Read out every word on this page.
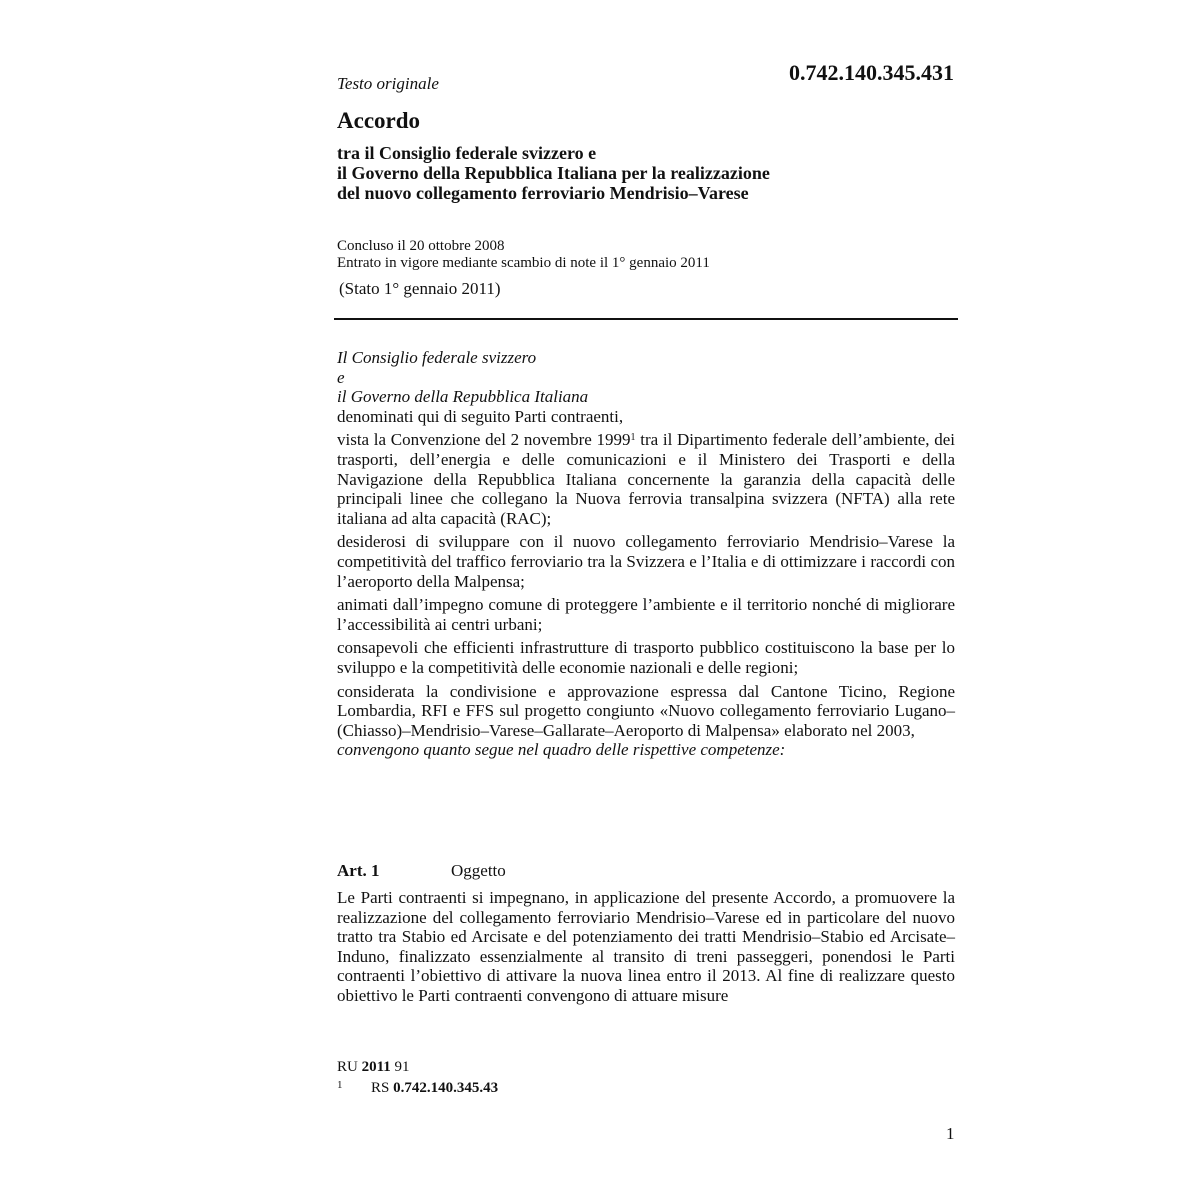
Testo originale	0.742.140.345.431
Accordo
tra il Consiglio federale svizzero e
il Governo della Repubblica Italiana per la realizzazione
del nuovo collegamento ferroviario Mendrisio–Varese
Concluso il 20 ottobre 2008
Entrato in vigore mediante scambio di note il 1° gennaio 2011
(Stato 1° gennaio 2011)

Il Consiglio federale svizzero

e

il Governo della Repubblica Italiana

denominati qui di seguito Parti contraenti,

vista la Convenzione del 2 novembre 1999$^1$ tra il Dipartimento federale dell’ambiente, dei trasporti, dell’energia e delle comunicazioni e il Ministero dei Trasporti e della Navigazione della Repubblica Italiana concernente la garanzia della capacità delle principali linee che collegano la Nuova ferrovia transalpina svizzera (NFTA) alla rete italiana ad alta capacità (RAC);

desiderosi di sviluppare con il nuovo collegamento ferroviario Mendrisio–Varese la competitività del traffico ferroviario tra la Svizzera e l’Italia e di ottimizzare i raccordi con l’aeroporto della Malpensa;

animati dall’impegno comune di proteggere l’ambiente e il territorio nonché di migliorare l’accessibilità ai centri urbani;

consapevoli che efficienti infrastrutture di trasporto pubblico costituiscono la base per lo sviluppo e la competitività delle economie nazionali e delle regioni;

considerata la condivisione e approvazione espressa dal Cantone Ticino, Regione Lombardia, RFI e FFS sul progetto congiunto «Nuovo collegamento ferroviario Lugano–(Chiasso)–Mendrisio–Varese–Gallarate–Aeroporto di Malpensa» elaborato nel 2003,

convengono quanto segue nel quadro delle rispettive competenze:

Art. 1	Oggetto

Le Parti contraenti si impegnano, in applicazione del presente Accordo, a promuovere la realizzazione del collegamento ferroviario Mendrisio–Varese ed in particolare del nuovo tratto tra Stabio ed Arcisate e del potenziamento dei tratti Mendrisio–Stabio ed Arcisate–Induno, finalizzato essenzialmente al transito di treni passeggeri, ponendosi le Parti contraenti l’obiettivo di attivare la nuova linea entro il 2013. Al fine di realizzare questo obiettivo le Parti contraenti convengono di attuare misure

RU 2011 91
1 RS 0.742.140.345.43
1
